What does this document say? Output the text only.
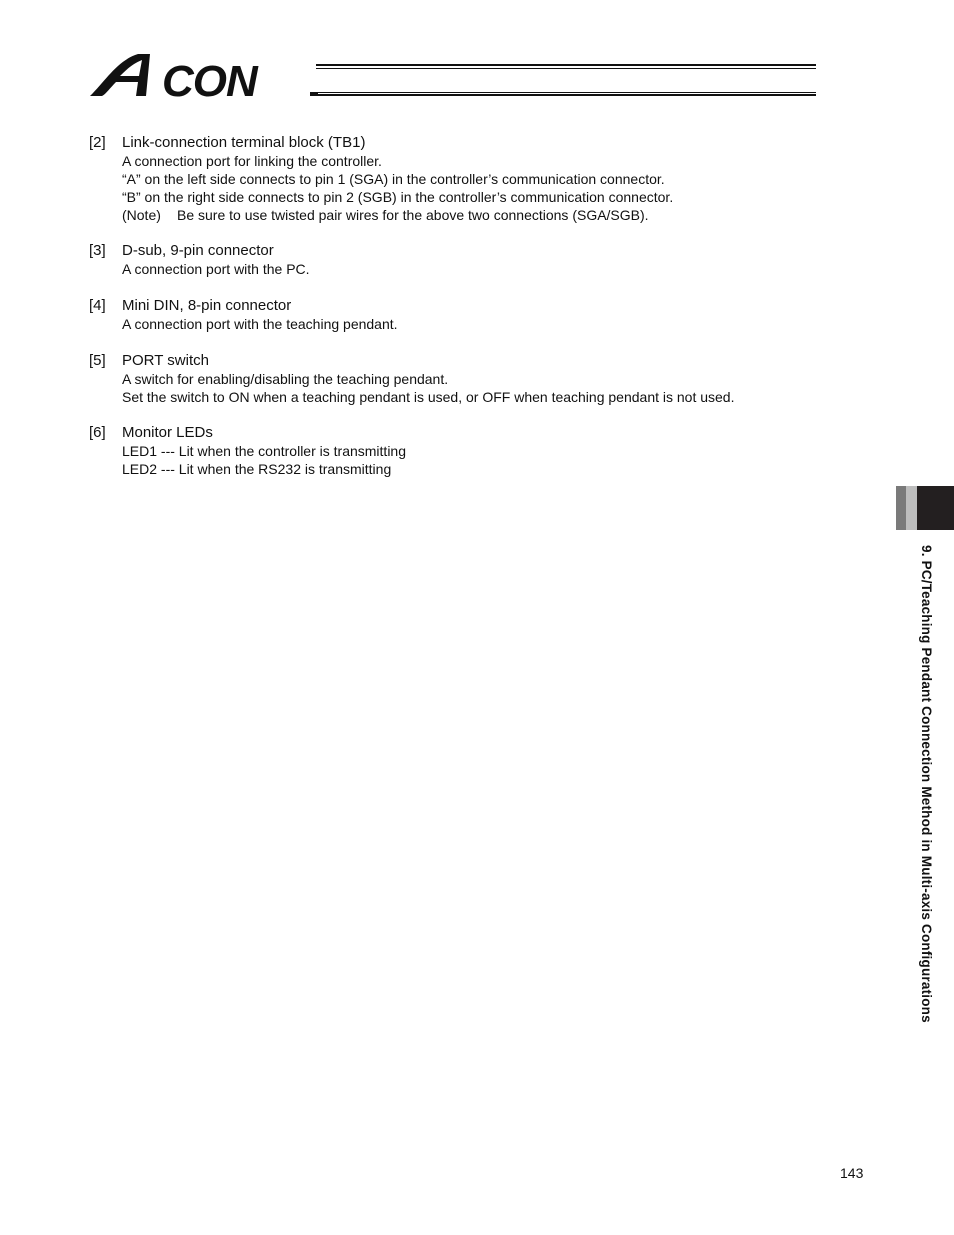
CON
[2] Link-connection terminal block (TB1)
A connection port for linking the controller.
“A” on the left side connects to pin 1 (SGA) in the controller’s communication connector.
“B” on the right side connects to pin 2 (SGB) in the controller’s communication connector.
(Note) Be sure to use twisted pair wires for the above two connections (SGA/SGB).
[3] D-sub, 9-pin connector
A connection port with the PC.
[4] Mini DIN, 8-pin connector
A connection port with the teaching pendant.
[5] PORT switch
A switch for enabling/disabling the teaching pendant.
Set the switch to ON when a teaching pendant is used, or OFF when teaching pendant is not used.
[6] Monitor LEDs
LED1 --- Lit when the controller is transmitting
LED2 --- Lit when the RS232 is transmitting
9. PC/Teaching Pendant Connection Method in Multi-axis Configurations
143
